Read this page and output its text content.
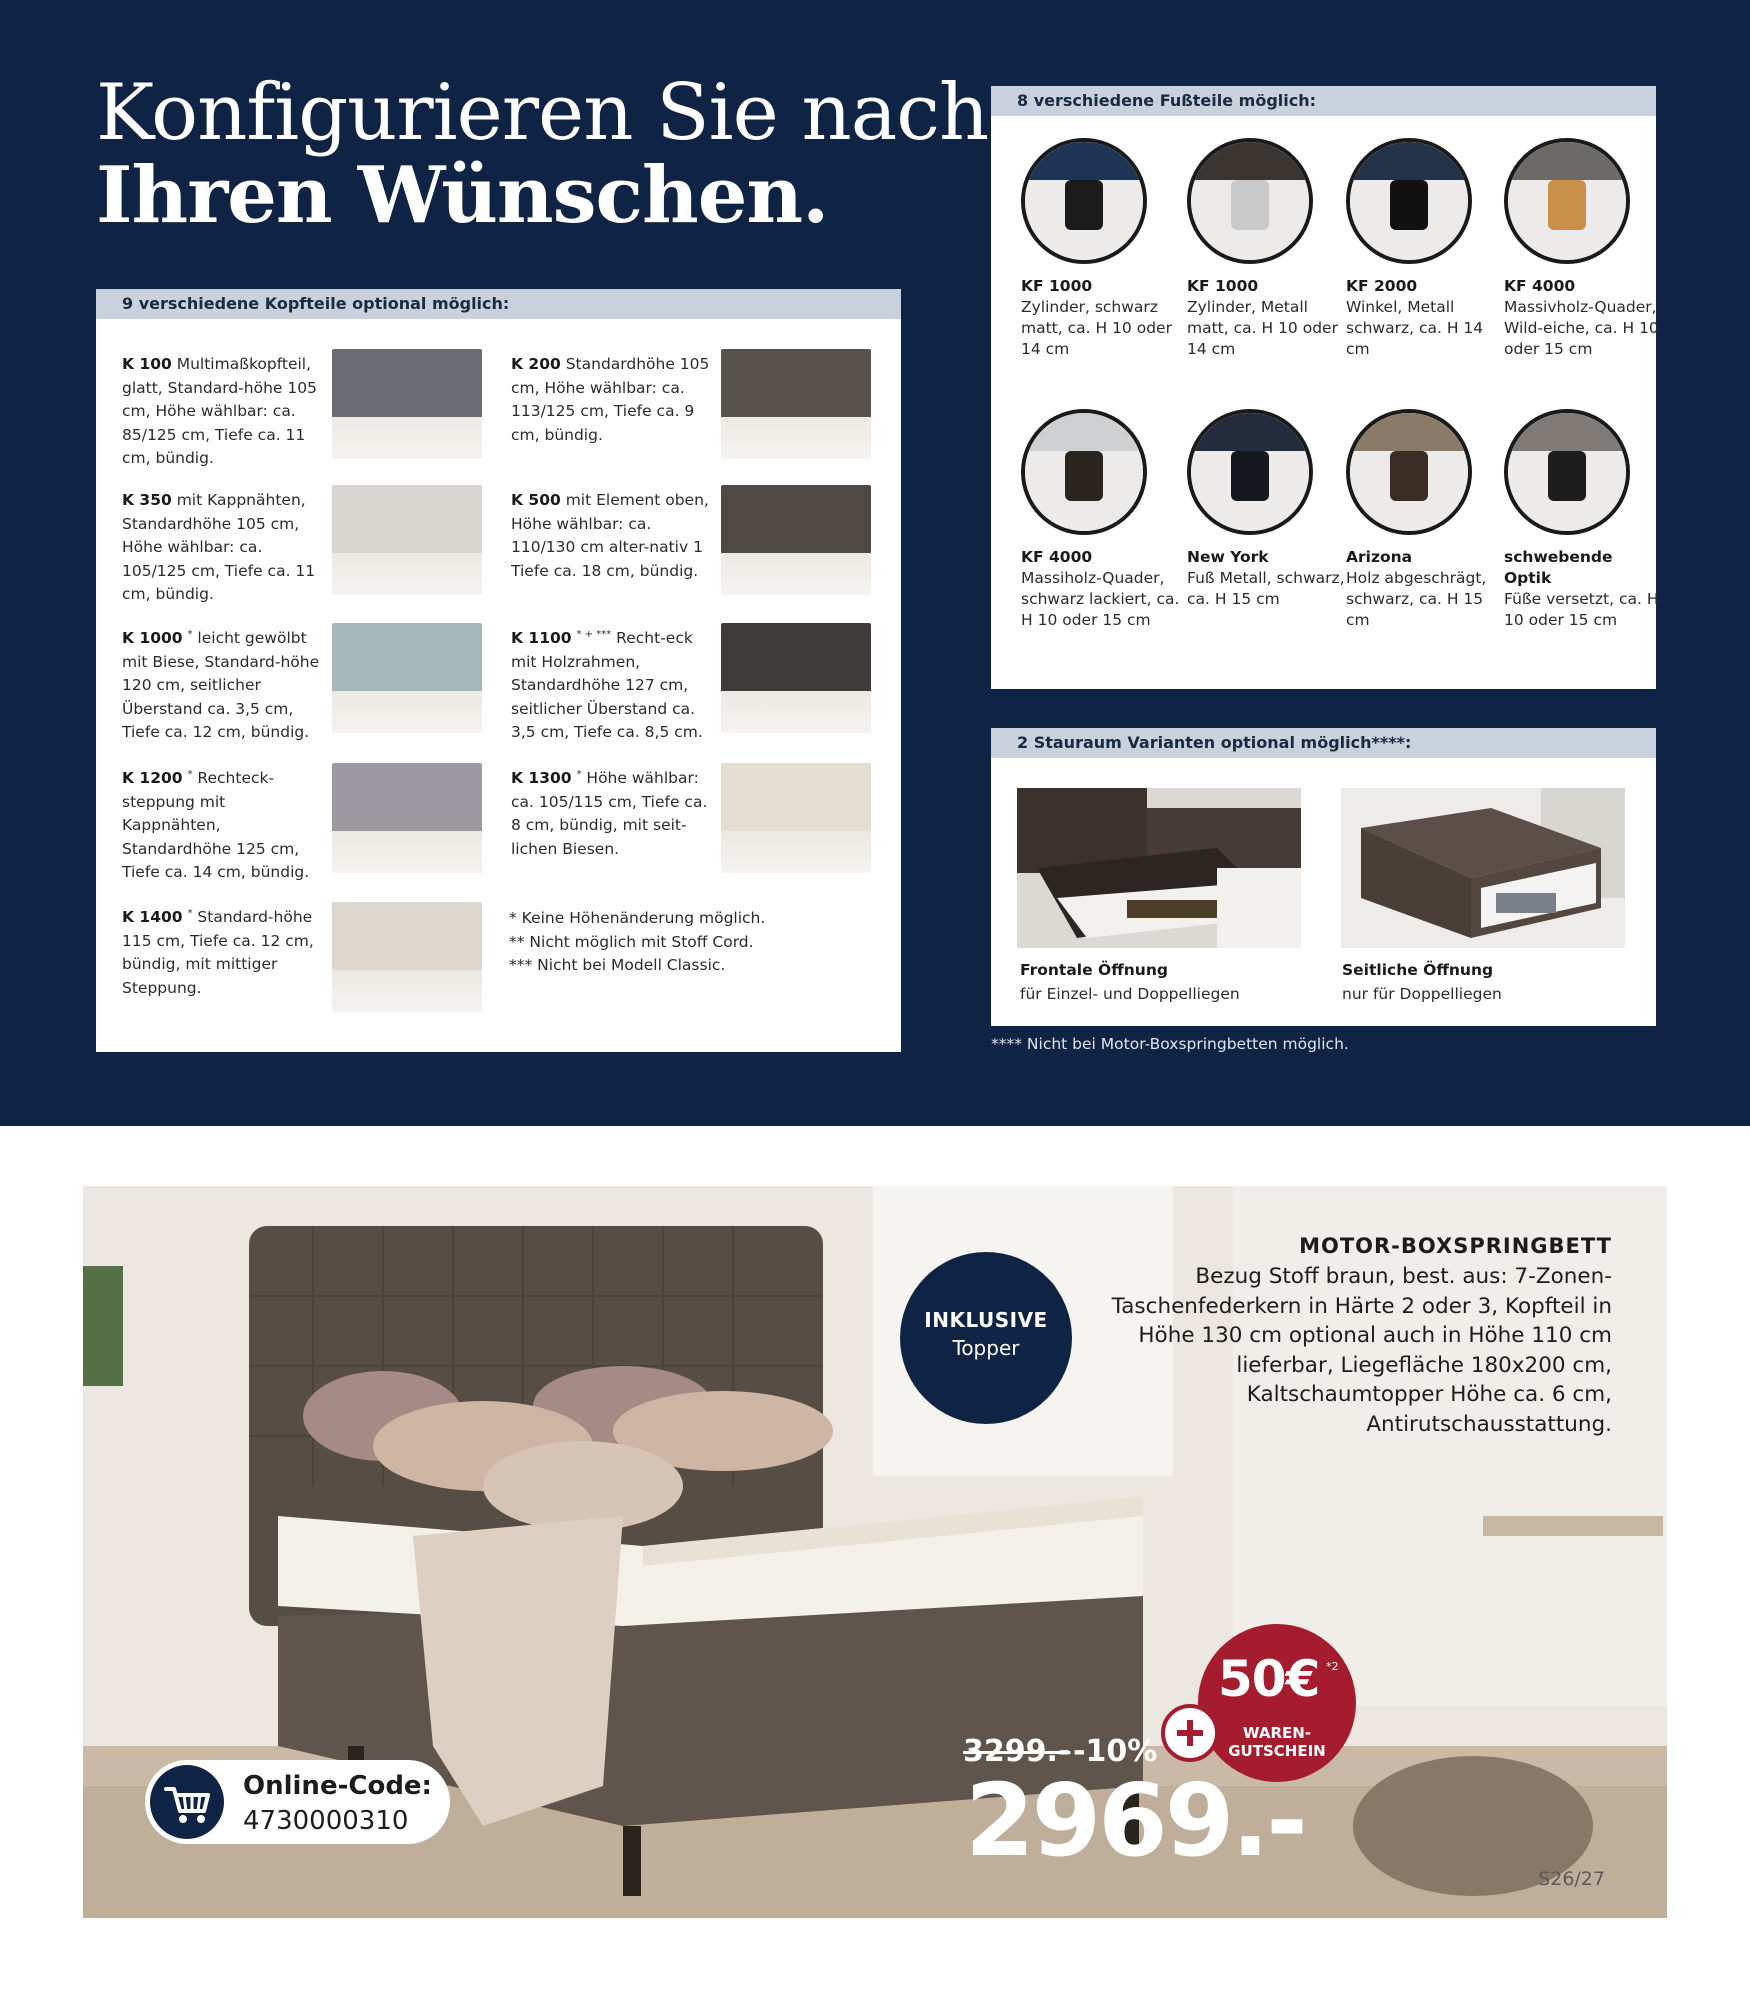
Konfigurieren Sie nach
Ihren Wünschen.
9 verschiedene Kopfteile optional möglich:
K 100 Multimaßkopfteil, glatt, Standard-höhe 105 cm, Höhe wählbar: ca. 85/125 cm, Tiefe ca. 11 cm, bündig.
K 200 Standardhöhe 105 cm, Höhe wählbar: ca. 113/125 cm, Tiefe ca. 9 cm, bündig.
K 350 mit Kappnähten, Standardhöhe 105 cm, Höhe wählbar: ca. 105/125 cm, Tiefe ca. 11 cm, bündig.
K 500 mit Element oben, Höhe wählbar: ca. 110/130 cm alter-nativ 1 Tiefe ca. 18 cm, bündig.
K 1000 * leicht gewölbt mit Biese, Standard-höhe 120 cm, seitlicher Überstand ca. 3,5 cm, Tiefe ca. 12 cm, bündig.
K 1100 * + *** Recht-eck mit Holzrahmen, Standardhöhe 127 cm, seitlicher Überstand ca. 3,5 cm, Tiefe ca. 8,5 cm.
K 1200 * Rechteck-steppung mit Kappnähten, Standardhöhe 125 cm, Tiefe ca. 14 cm, bündig.
K 1300 * Höhe wählbar: ca. 105/115 cm, Tiefe ca. 8 cm, bündig, mit seit-lichen Biesen.
K 1400 * Standard-höhe 115 cm, Tiefe ca. 12 cm, bündig, mit mittiger Steppung.
* Keine Höhenänderung möglich.
** Nicht möglich mit Stoff Cord.
*** Nicht bei Modell Classic.
8 verschiedene Fußteile möglich:
KF 1000
Zylinder, schwarz matt, ca. H 10 oder 14 cm
KF 1000
Zylinder, Metall matt, ca. H 10 oder 14 cm
KF 2000
Winkel, Metall schwarz, ca. H 14 cm
KF 4000
Massivholz-Quader, Wild-eiche, ca. H 10 oder 15 cm
KF 4000
Massiholz-Quader, schwarz lackiert, ca. H 10 oder 15 cm
New York
Fuß Metall, schwarz, ca. H 15 cm
Arizona
Holz abgeschrägt, schwarz, ca. H 15 cm
schwebende Optik
Füße versetzt, ca. H 10 oder 15 cm
2 Stauraum Varianten optional möglich****:
Frontale Öffnung
für Einzel- und Doppelliegen
Seitliche Öffnung
nur für Doppelliegen
**** Nicht bei Motor-Boxspringbetten möglich.
MOTOR-BOXSPRINGBETT
Bezug Stoff braun, best. aus: 7-Zonen-Taschenfederkern in Härte 2 oder 3, Kopfteil in Höhe 130 cm optional auch in Höhe 110 cm lieferbar, Liegefläche 180x200 cm, Kaltschaumtopper Höhe ca. 6 cm, Antirutschausstattung.
INKLUSIVE
Topper
50€ *2
WAREN-
GUTSCHEIN
3299.- -10%
2969.-
Online-Code:
4730000310
S26/27
